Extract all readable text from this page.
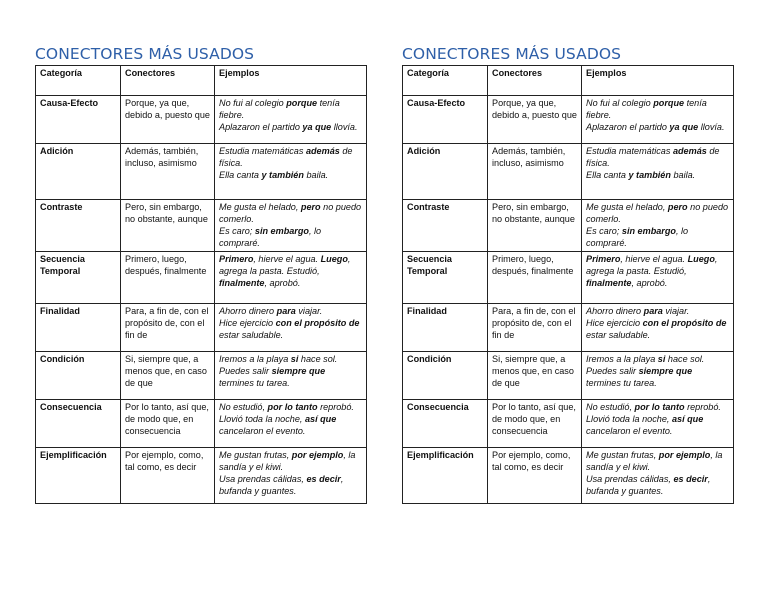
CONECTORES MÁS USADOS
Categoría	Conectores	Ejemplos
Causa-Efecto	Porque, ya que, debido a, puesto que	No fui al colegio porque tenía fiebre.
Aplazaron el partido ya que llovía.

Adición	Además, también, incluso, asimismo	Estudia matemáticas además de física.
Ella canta y también baila.

Contraste	Pero, sin embargo, no obstante, aunque	Me gusta el helado, pero no puedo comerlo.
Es caro; sin embargo, lo compraré.

Secuencia Temporal	Primero, luego, después, finalmente	Primero, hierve el agua. Luego, agrega la pasta. Estudió, finalmente, aprobó.

Finalidad	Para, a fin de, con el propósito de, con el fin de	Ahorro dinero para viajar.
Hice ejercicio con el propósito de estar saludable.

Condición	Si, siempre que, a menos que, en caso de que	Iremos a la playa si hace sol.
Puedes salir siempre que termines tu tarea.

Consecuencia	Por lo tanto, así que, de modo que, en consecuencia	No estudió, por lo tanto reprobó.
Llovió toda la noche, así que cancelaron el evento.

Ejemplificación	Por ejemplo, como, tal como, es decir	Me gustan frutas, por ejemplo, la sandía y el kiwi.
Usa prendas cálidas, es decir, bufanda y guantes.
CONECTORES MÁS USADOS
Categoría	Conectores	Ejemplos
Causa-Efecto	Porque, ya que, debido a, puesto que	No fui al colegio porque tenía fiebre.
Aplazaron el partido ya que llovía.

Adición	Además, también, incluso, asimismo	Estudia matemáticas además de física.
Ella canta y también baila.

Contraste	Pero, sin embargo, no obstante, aunque	Me gusta el helado, pero no puedo comerlo.
Es caro; sin embargo, lo compraré.

Secuencia Temporal	Primero, luego, después, finalmente	Primero, hierve el agua. Luego, agrega la pasta. Estudió, finalmente, aprobó.

Finalidad	Para, a fin de, con el propósito de, con el fin de	Ahorro dinero para viajar.
Hice ejercicio con el propósito de estar saludable.

Condición	Si, siempre que, a menos que, en caso de que	Iremos a la playa si hace sol.
Puedes salir siempre que termines tu tarea.

Consecuencia	Por lo tanto, así que, de modo que, en consecuencia	No estudió, por lo tanto reprobó.
Llovió toda la noche, así que cancelaron el evento.

Ejemplificación	Por ejemplo, como, tal como, es decir	Me gustan frutas, por ejemplo, la sandía y el kiwi.
Usa prendas cálidas, es decir, bufanda y guantes.
